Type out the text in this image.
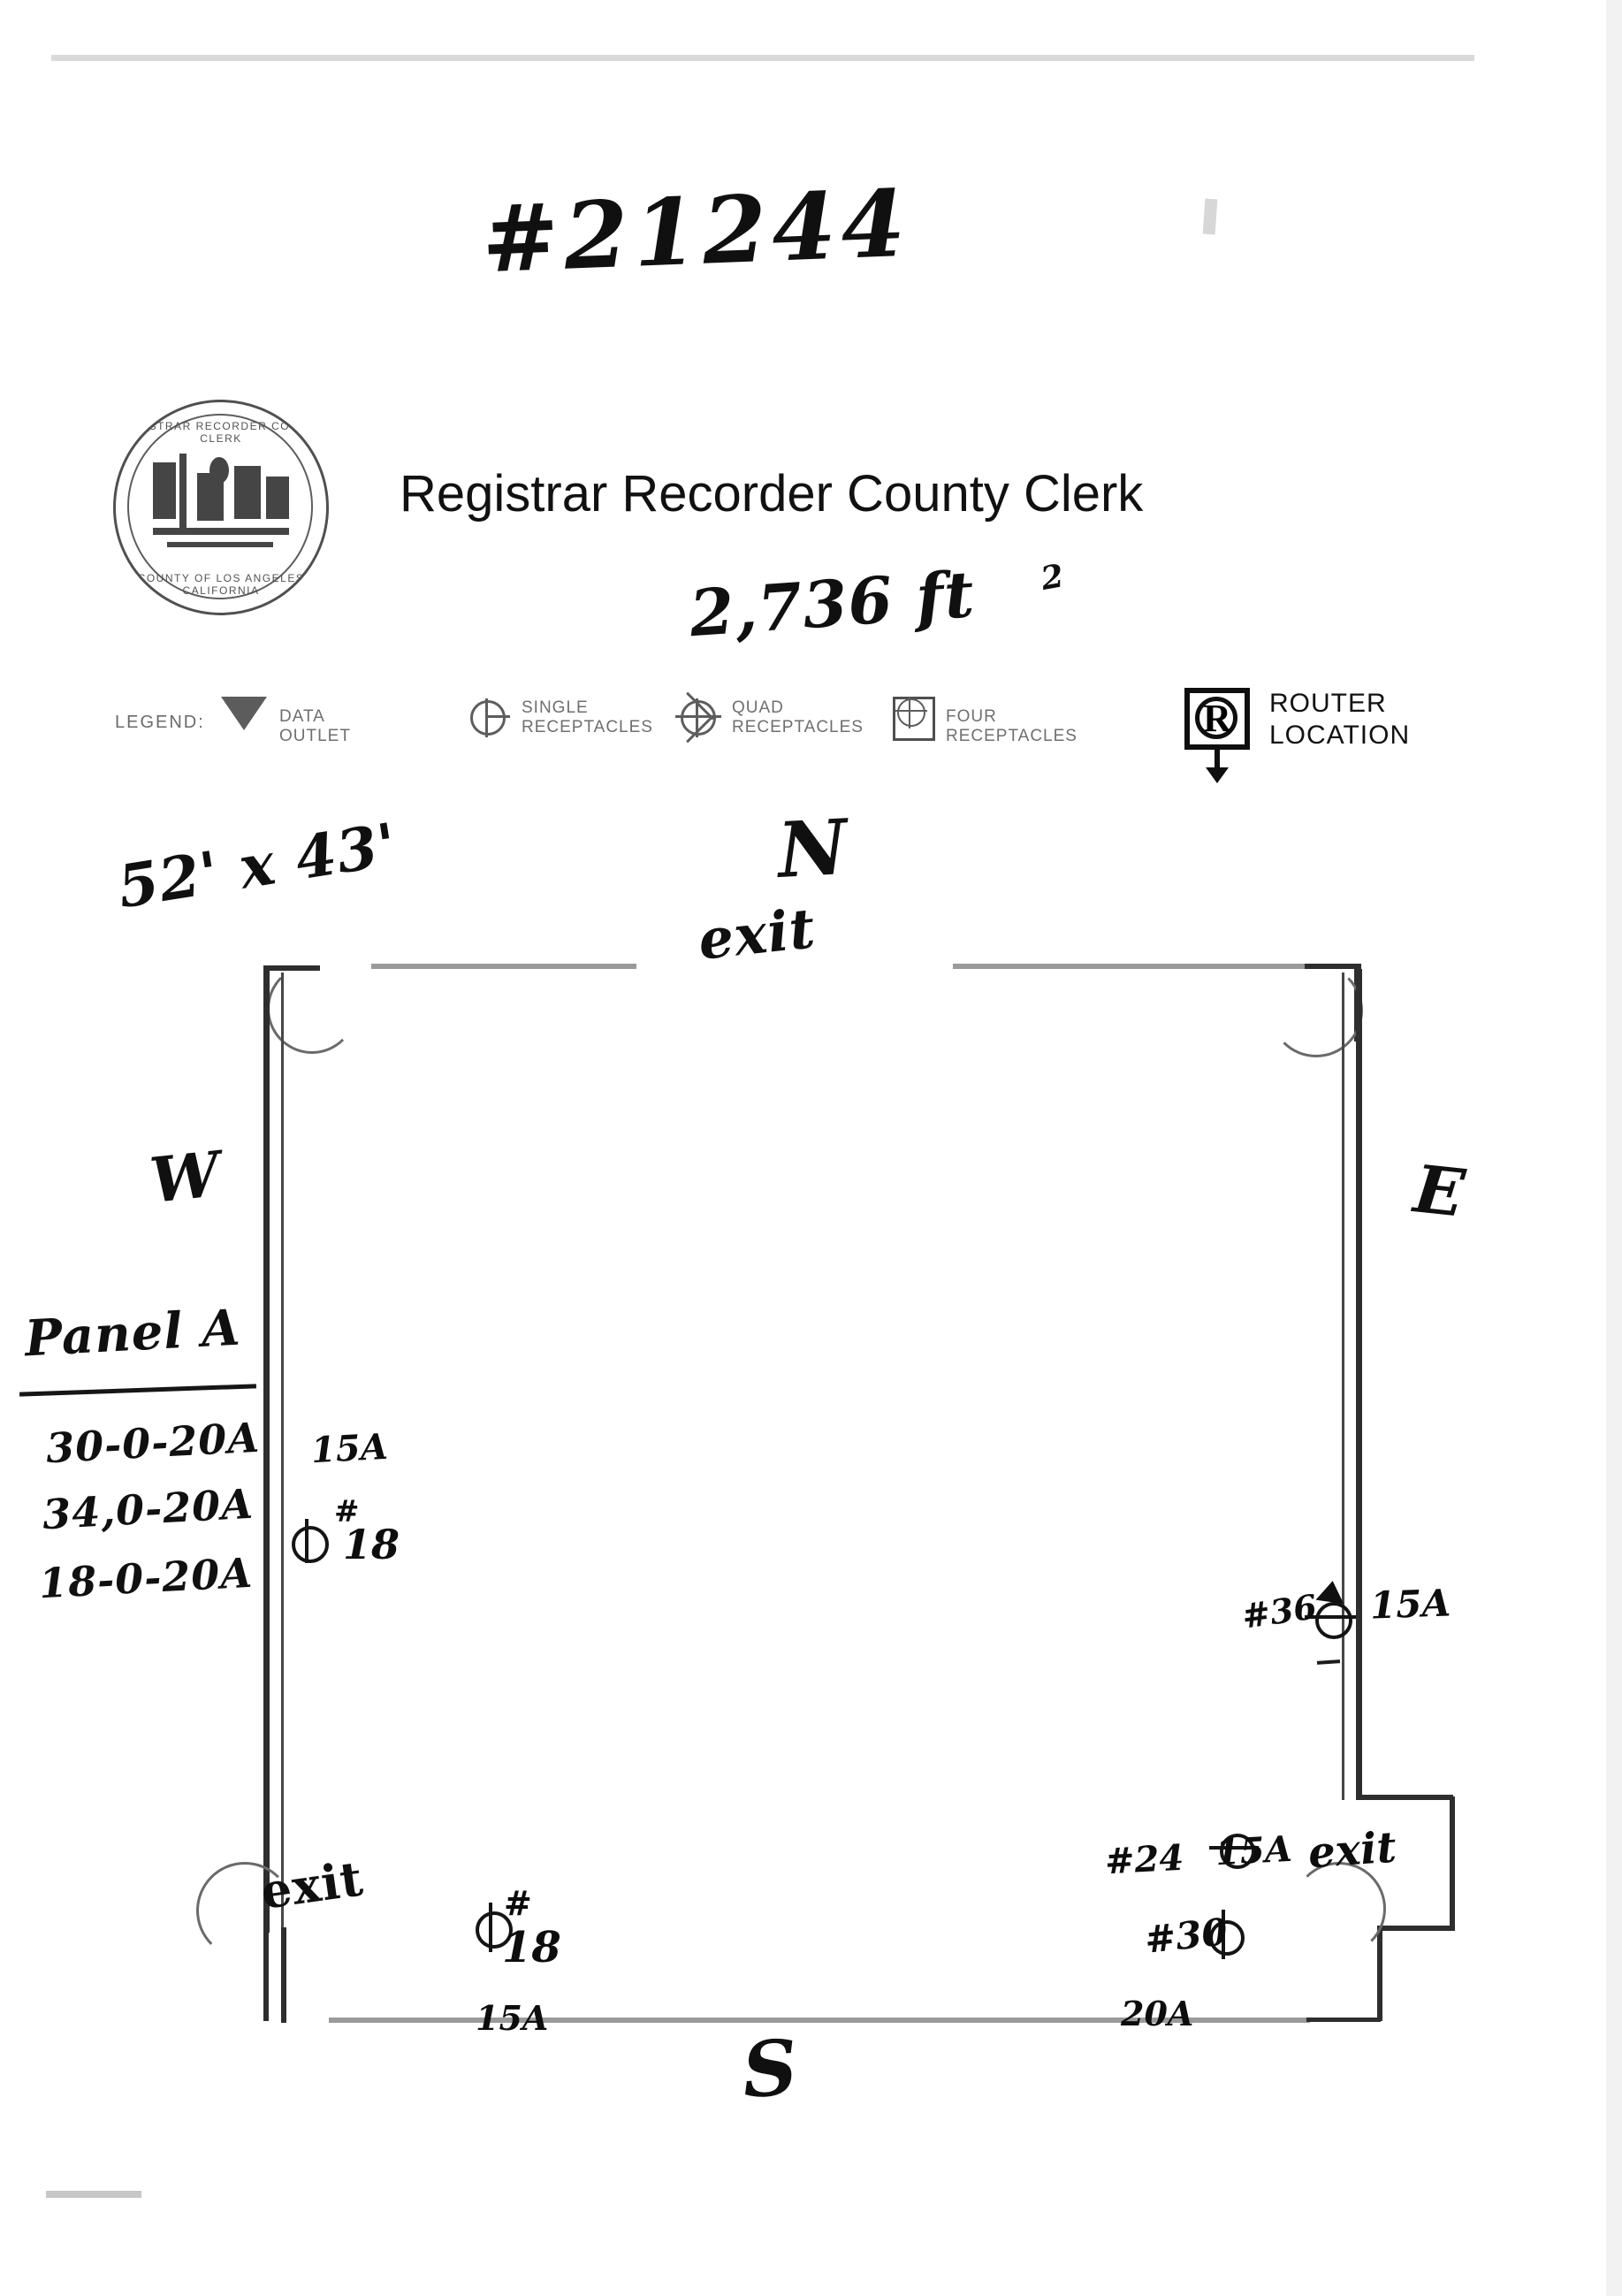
#21244
REGISTRAR RECORDER COUNTY CLERK
COUNTY OF LOS ANGELES CALIFORNIA
Registrar Recorder County Clerk
2,736 ft 2
LEGEND:	DATA OUTLET
SINGLE
RECEPTACLES
QUAD
RECEPTACLES
FOUR RECEPTACLES	R	ROUTER
LOCATION
52' x 43'	N
exit
W	E
S
Panel A
30-0-20A
34,0-20A
18-0-20A
15A
#
18
#36 15A
#24 15A exit
#30
20A
#
18
15A
exit
